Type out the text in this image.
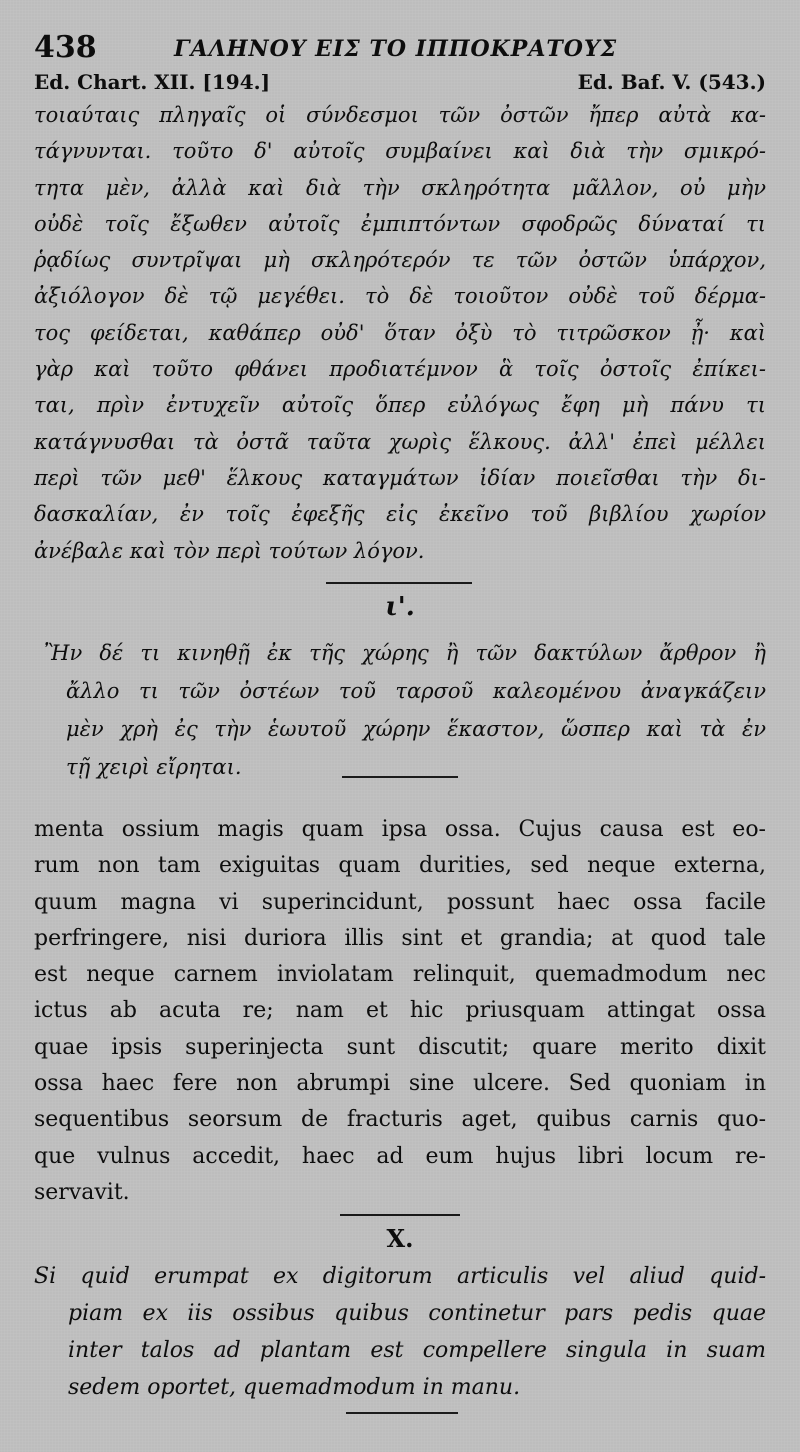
438	ΓΑΛΗΝΟΥ ΕΙΣ ΤΟ ΙΠΠΟΚΡΑΤΟΥΣ
Ed. Chart. XII. [194.]	Ed. Baf. V. (543.)
τοιαύταις πληγαῖς οἱ σύνδεσμοι τῶν ὀστῶν ἤπερ αὐτὰ κα-
τάγνυνται. τοῦτο δ' αὐτοῖς συμβαίνει καὶ διὰ τὴν σμικρό-
τητα μὲν, ἀλλὰ καὶ διὰ τὴν σκληρότητα μᾶλλον, οὐ μὴν
οὐδὲ τοῖς ἔξωθεν αὐτοῖς ἐμπιπτόντων σφοδρῶς δύναταί τι
ῥᾳδίως συντρῖψαι μὴ σκληρότερόν τε τῶν ὀστῶν ὑπάρχον,
ἀξιόλογον δὲ τῷ μεγέθει. τὸ δὲ τοιοῦτον οὐδὲ τοῦ δέρμα-
τος φείδεται, καθάπερ οὐδ' ὅταν ὀξὺ τὸ τιτρῶσκον ᾖ· καὶ
γὰρ καὶ τοῦτο φθάνει προδιατέμνον ἃ τοῖς ὀστοῖς ἐπίκει-
ται, πρὶν ἐντυχεῖν αὐτοῖς ὅπερ εὐλόγως ἔφη μὴ πάνυ τι
κατάγνυσθαι τὰ ὀστᾶ ταῦτα χωρὶς ἕλκους. ἀλλ' ἐπεὶ μέλλει
περὶ τῶν μεθ' ἕλκους καταγμάτων ἰδίαν ποιεῖσθαι τὴν δι-
δασκαλίαν, ἐν τοῖς ἐφεξῆς εἰς ἐκεῖνο τοῦ βιβλίου χωρίον
ἀνέβαλε καὶ τὸν περὶ τούτων λόγον.
ι'.
Ἢν δέ τι κινηθῇ ἐκ τῆς χώρης ἢ τῶν δακτύλων ἄρθρον ἢ
ἄλλο τι τῶν ὀστέων τοῦ ταρσοῦ καλεομένου ἀναγκάζειν
μὲν χρὴ ἐς τὴν ἑωυτοῦ χώρην ἕκαστον, ὥσπερ καὶ τὰ ἐν
τῇ χειρὶ εἴρηται.
menta ossium magis quam ipsa ossa. Cujus causa est eo-
rum non tam exiguitas quam durities, sed neque externa,
quum magna vi superincidunt, possunt haec ossa facile
perfringere, nisi duriora illis sint et grandia; at quod tale
est neque carnem inviolatam relinquit, quemadmodum nec
ictus ab acuta re; nam et hic priusquam attingat ossa
quae ipsis superinjecta sunt discutit; quare merito dixit
ossa haec fere non abrumpi sine ulcere. Sed quoniam in
sequentibus seorsum de fracturis aget, quibus carnis quo-
que vulnus accedit, haec ad eum hujus libri locum re-
servavit.
X.
Si quid erumpat ex digitorum articulis vel aliud quid-
piam ex iis ossibus quibus continetur pars pedis quae
inter talos ad plantam est compellere singula in suam
sedem oportet, quemadmodum in manu.
